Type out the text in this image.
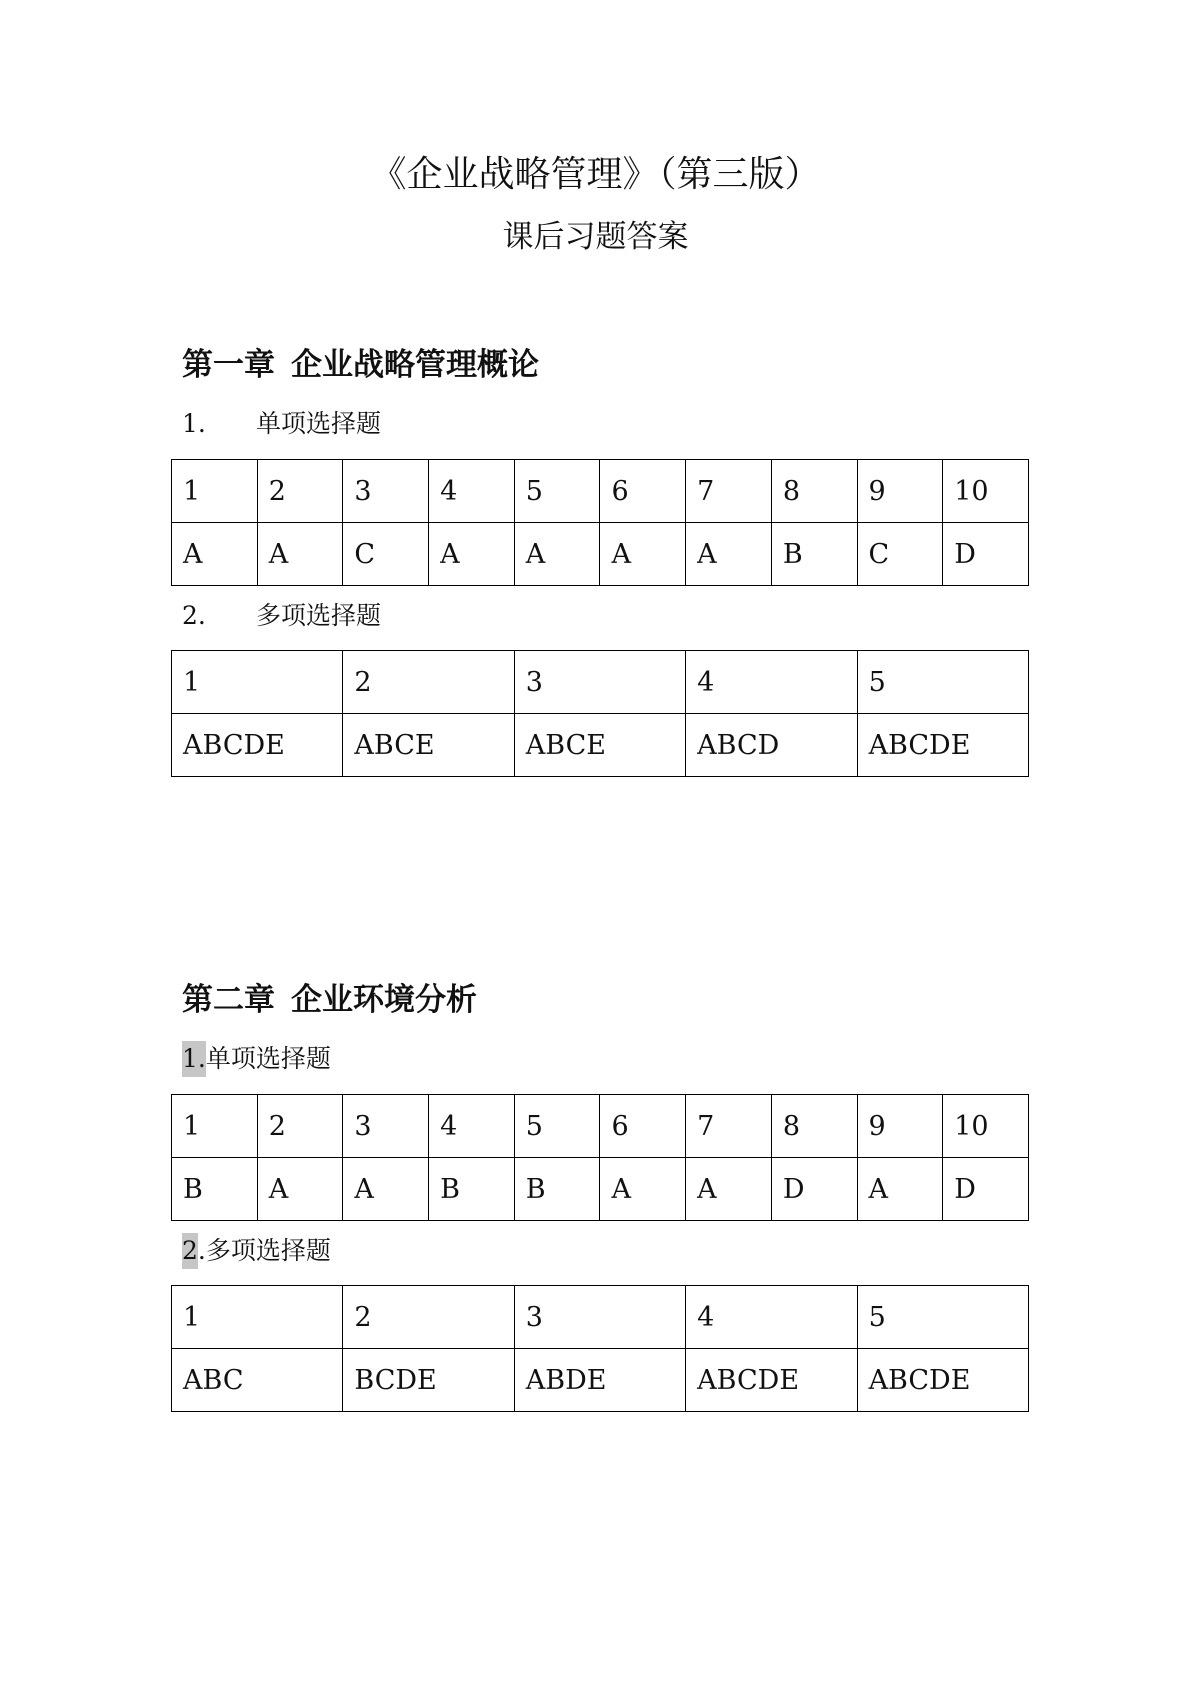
《企业战略管理》（第三版）
课后习题答案
第一章 企业战略管理概论
1. 单项选择题
1	2	3	4	5	6	7	8	9	10
A	A	C	A	A	A	A	B	C	D
2. 多项选择题
1	2	3	4	5
ABCDE	ABCE	ABCE	ABCD	ABCDE
第二章 企业环境分析
1.单项选择题
1	2	3	4	5	6	7	8	9	10
B	A	A	B	B	A	A	D	A	D
2.多项选择题
1	2	3	4	5
ABC	BCDE	ABDE	ABCDE	ABCDE
